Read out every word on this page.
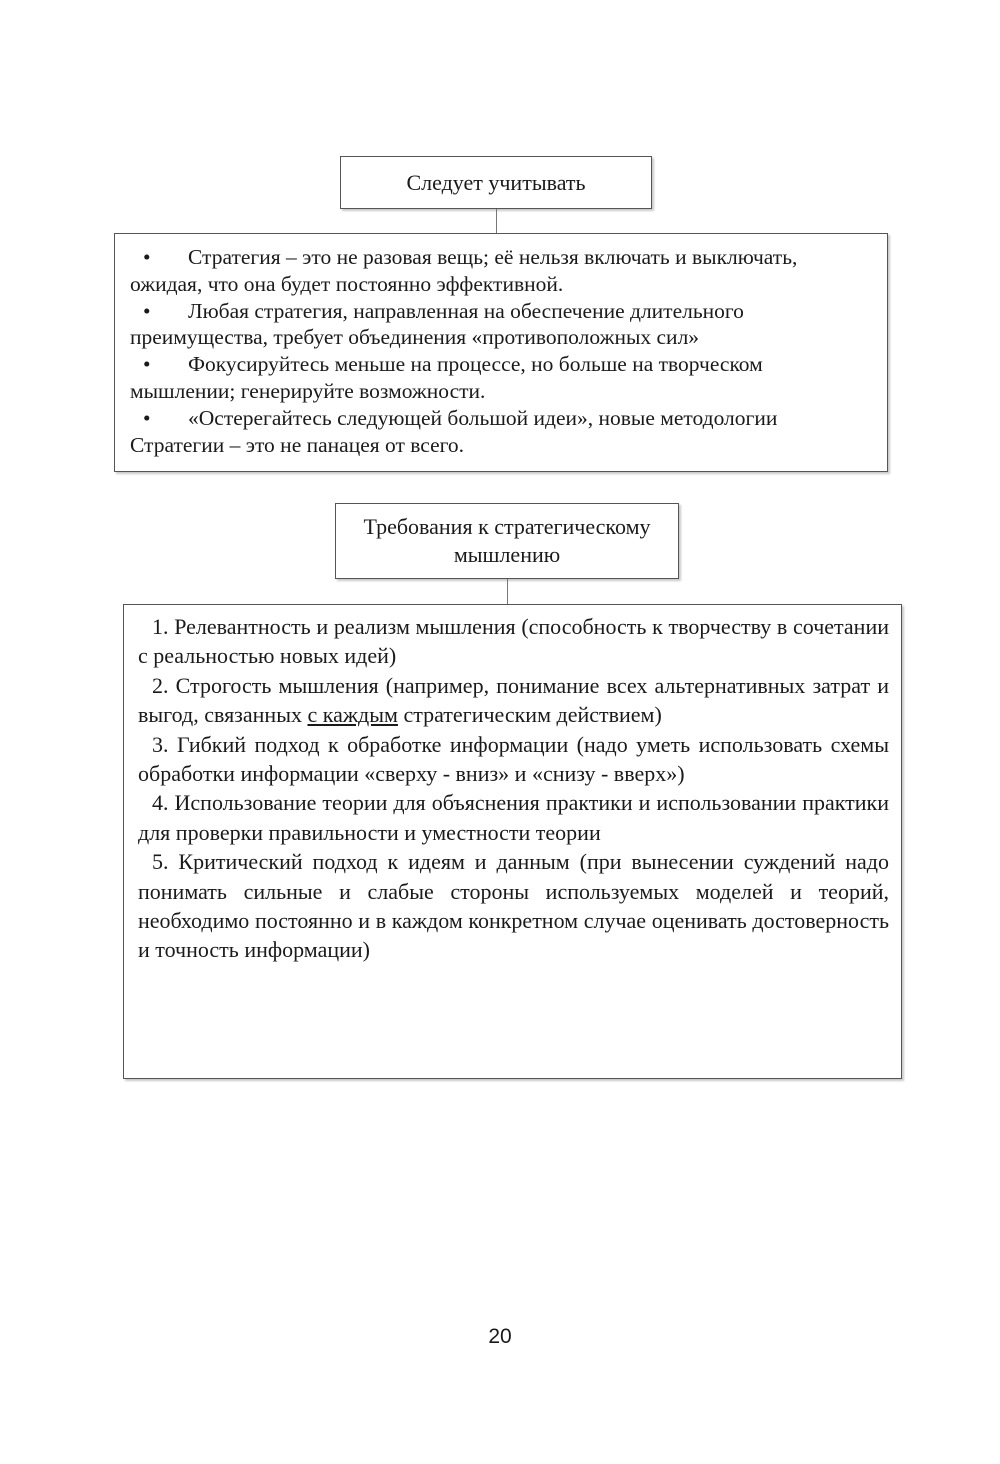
Следует учитывать
• Стратегия – это не разовая вещь; её нельзя включать и выключать, ожидая, что она будет постоянно эффективной.
• Любая стратегия, направленная на обеспечение длительного преимущества, требует объединения «противоположных сил»
• Фокусируйтесь меньше на процессе, но больше на творческом мышлении; генерируйте возможности.
• «Остерегайтесь следующей большой идеи», новые методологии Стратегии – это не панацея от всего.
Требования к стратегическому мышлению
1. Релевантность и реализм мышления (способность к творчеству в сочетании с реальностью новых идей)
2. Строгость мышления (например, понимание всех альтернативных затрат и выгод, связанных с каждым стратегическим действием)
3. Гибкий подход к обработке информации (надо уметь использовать схемы обработки информации «сверху - вниз» и «снизу - вверх»)
4. Использование теории для объяснения практики и использовании практики для проверки правильности и уместности теории
5. Критический подход к идеям и данным (при вынесении суждений надо понимать сильные и слабые стороны используемых моделей и теорий, необходимо постоянно и в каждом конкретном случае оценивать достоверность и точность информации)
20
